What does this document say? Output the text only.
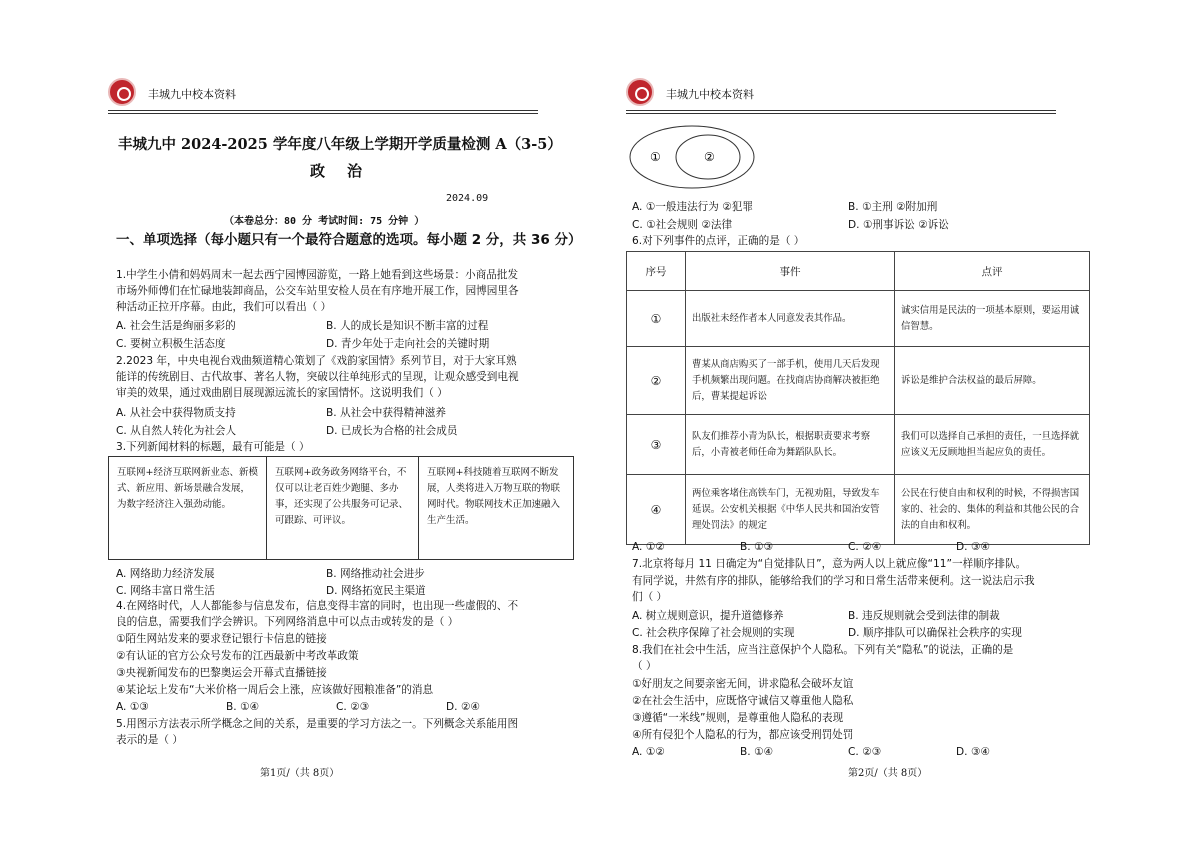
丰城九中校本资料
丰城九中 2024-2025 学年度八年级上学期开学质量检测 A（3-5）
政治
2024.09
（本卷总分：80 分 考试时间: 75 分钟 ）
一、单项选择（每小题只有一个最符合题意的选项。每小题 2 分，共 36 分）
1.中学生小倩和妈妈周末一起去西宁园博园游览，一路上她看到这些场景：小商品批发
市场外师傅们在忙碌地装卸商品，公交车站里安检人员在有序地开展工作，园博园里各
种活动正拉开序幕。由此，我们可以看出（ ）
A. 社会生活是绚丽多彩的	B. 人的成长是知识不断丰富的过程
C. 要树立积极生活态度	D. 青少年处于走向社会的关键时期
2.2023 年，中央电视台戏曲频道精心策划了《戏韵家国情》系列节目，对于大家耳熟
能详的传统剧目、古代故事、著名人物，突破以往单纯形式的呈现，让观众感受到电视
审美的效果，通过戏曲剧目展现源远流长的家国情怀。这说明我们（ ）
A. 从社会中获得物质支持	B. 从社会中获得精神滋养
C. 从自然人转化为社会人	D. 已成长为合格的社会成员
3.下列新闻材料的标题，最有可能是（ ）
互联网+经济互联网新业态、新模式、新应用、新场景融合发展，为数字经济注入强劲动能。
互联网+政务政务网络平台，不仅可以让老百姓少跑腿、多办事，还实现了公共服务可记录、可跟踪、可评议。
互联网+科技随着互联网不断发展，人类将进入万物互联的物联网时代。物联网技术正加速融入生产生活。
A. 网络助力经济发展	B. 网络推动社会进步
C. 网络丰富日常生活	D. 网络拓宽民主渠道
4.在网络时代，人人都能参与信息发布，信息变得丰富的同时，也出现一些虚假的、不
良的信息，需要我们学会辨识。下列网络消息中可以点击或转发的是（ ）
①陌生网站发来的要求登记银行卡信息的链接
②有认证的官方公众号发布的江西最新中考改革政策
③央视新闻发布的巴黎奥运会开幕式直播链接
④某论坛上发布“大米价格一周后会上涨，应该做好囤粮准备”的消息
A. ①③	B. ①④	C. ②③	D. ②④
5.用图示方法表示所学概念之间的关系，是重要的学习方法之一。下列概念关系能用图
表示的是（ ）
第1页/（共 8页）
丰城九中校本资料
①	②
A. ①一般违法行为 ②犯罪	B. ①主刑 ②附加刑
C. ①社会规则 ②法律	D. ①刑事诉讼 ②诉讼
6.对下列事件的点评，正确的是（ ）
序号	事件	点评
①	出版社未经作者本人同意发表其作品。	诚实信用是民法的一项基本原则，要运用诚信智慧。
②	曹某从商店购买了一部手机，使用几天后发现手机频繁出现问题。在找商店协商解决被拒绝后，曹某提起诉讼	诉讼是维护合法权益的最后屏障。
③	队友们推荐小青为队长，根据职责要求考察后，小青被老师任命为舞蹈队队长。	我们可以选择自己承担的责任，一旦选择就应该义无反顾地担当起应负的责任。
④	两位乘客堵住高铁车门，无视劝阻，导致发车延误。公安机关根据《中华人民共和国治安管理处罚法》的规定	公民在行使自由和权利的时候，不得损害国家的、社会的、集体的利益和其他公民的合法的自由和权利。
A. ①②	B. ①③	C. ②④	D. ③④
7.北京将每月 11 日确定为“自觉排队日”，意为两人以上就应像“11”一样顺序排队。
有同学说，井然有序的排队，能够给我们的学习和日常生活带来便利。这一说法启示我
们（ ）
A. 树立规则意识，提升道德修养	B. 违反规则就会受到法律的制裁
C. 社会秩序保障了社会规则的实现	D. 顺序排队可以确保社会秩序的实现
8.我们在社会中生活，应当注意保护个人隐私。下列有关“隐私”的说法，正确的是
（ ）
①好朋友之间要亲密无间，讲求隐私会破坏友谊
②在社会生活中，应既恪守诚信又尊重他人隐私
③遵循“一米线”规则，是尊重他人隐私的表现
④所有侵犯个人隐私的行为，都应该受刑罚处罚
A. ①②	B. ①④	C. ②③	D. ③④
第2页/（共 8页）
